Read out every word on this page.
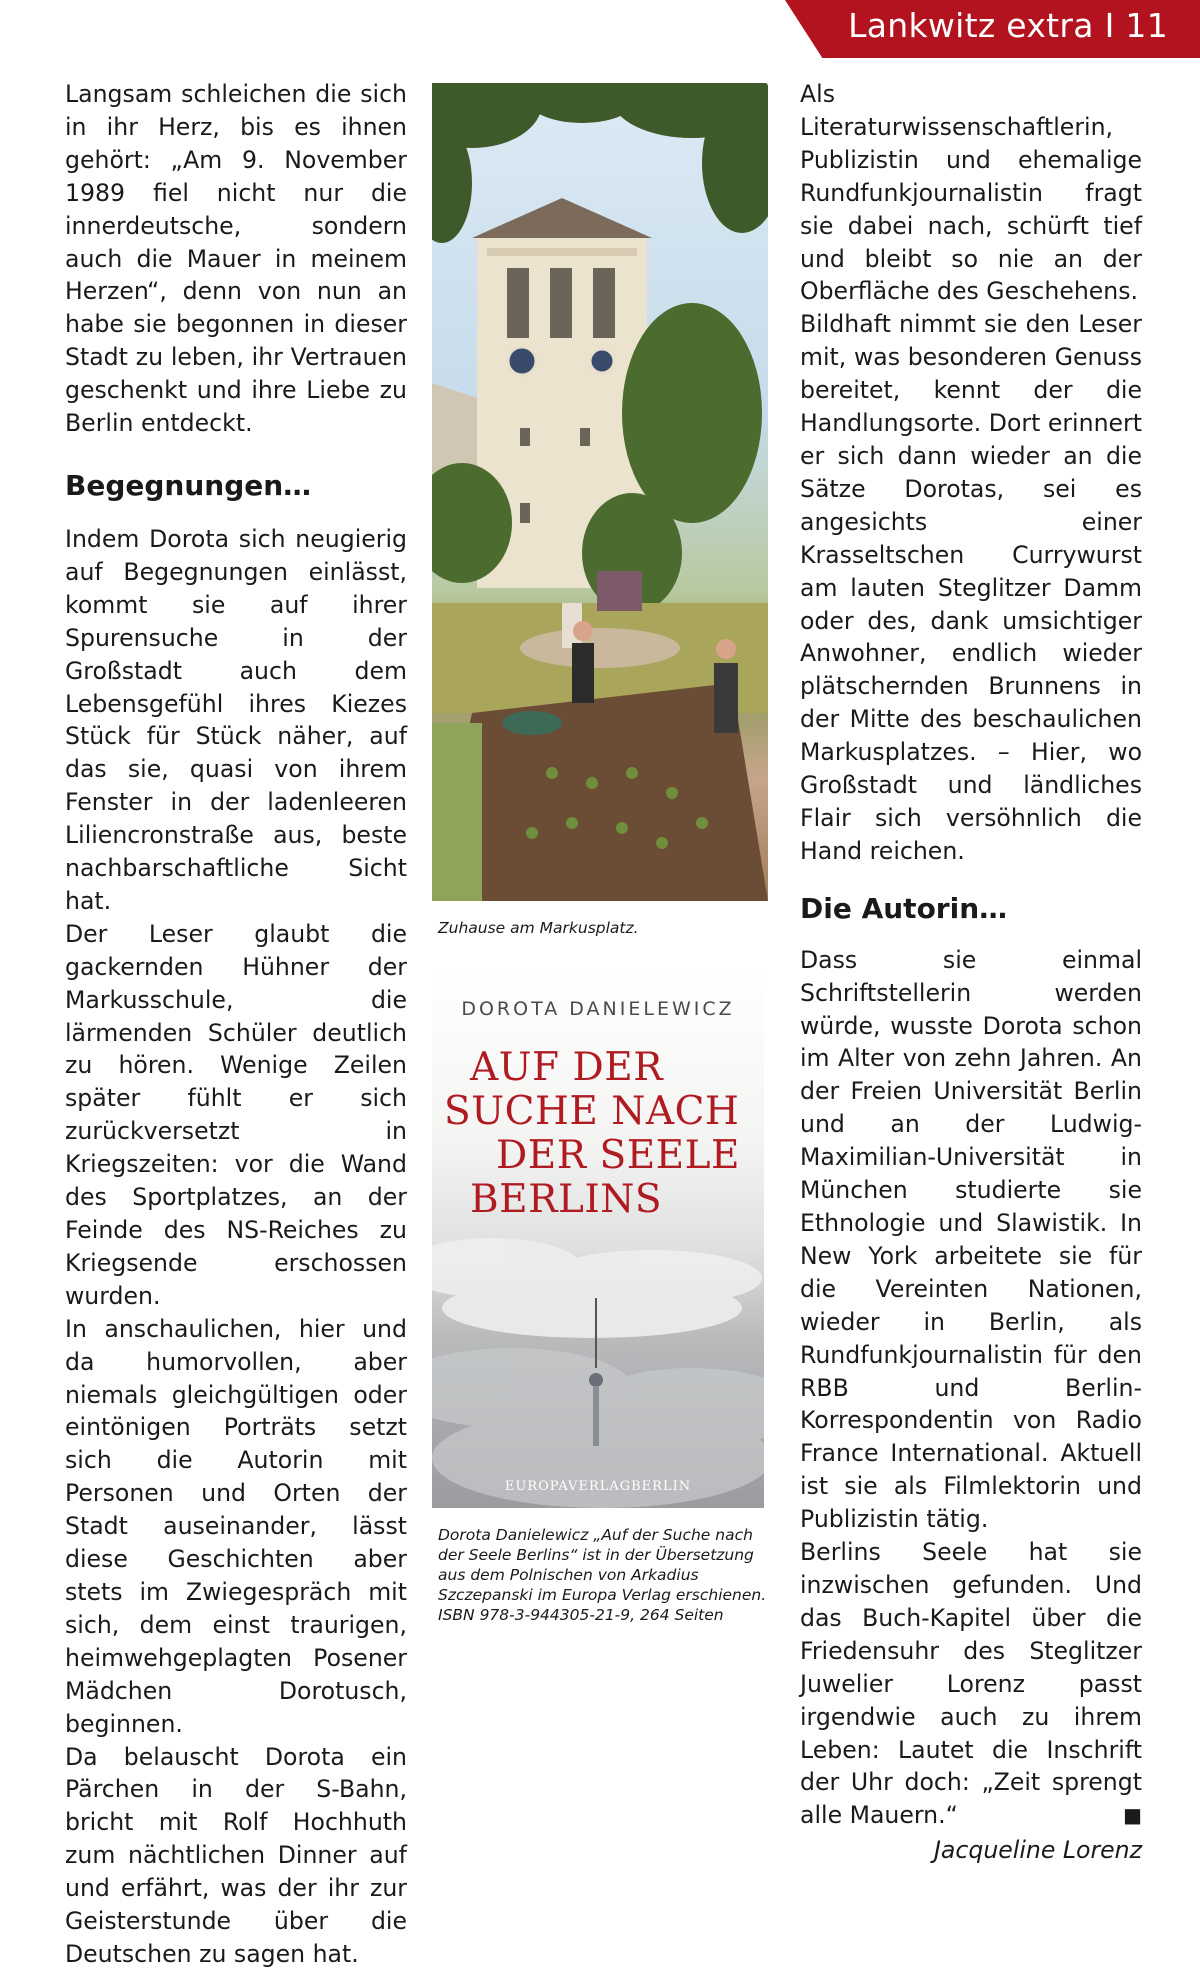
Lankwitz extra I 11

Langsam schleichen die sich in ihr Herz, bis es ihnen gehört: „Am 9. November 1989 fiel nicht nur die innerdeutsche, sondern auch die Mauer in meinem Herzen“, denn von nun an habe sie begonnen in dieser Stadt zu leben, ihr Vertrauen geschenkt und ihre Liebe zu Berlin entdeckt.

Begegnungen…

Indem Dorota sich neugierig auf Begegnungen einlässt, kommt sie auf ihrer Spurensuche in der Großstadt auch dem Lebensgefühl ihres Kiezes Stück für Stück näher, auf das sie, quasi von ihrem Fenster in der ladenleeren Liliencronstraße aus, beste nachbarschaftliche Sicht hat.

Der Leser glaubt die gackernden Hühner der Markusschule, die lärmenden Schüler deutlich zu hören. Wenige Zeilen später fühlt er sich zurückversetzt in Kriegszeiten: vor die Wand des Sportplatzes, an der Feinde des NS-Reiches zu Kriegsende erschossen wurden.

In anschaulichen, hier und da humorvollen, aber niemals gleichgültigen oder eintönigen Porträts setzt sich die Autorin mit Personen und Orten der Stadt auseinander, lässt diese Geschichten aber stets im Zwiegespräch mit sich, dem einst traurigen, heimwehgeplagten Posener Mädchen Dorotusch, beginnen.

Da belauscht Dorota ein Pärchen in der S-Bahn, bricht mit Rolf Hochhuth zum nächtlichen Dinner auf und erfährt, was der ihr zur Geisterstunde über die Deutschen zu sagen hat.

Zuhause am Markusplatz.
DOROTA DANIELEWICZ
AUF DER
SUCHE NACH
DER SEELE
BERLINS
EUROPAVERLAGBERLIN
Dorota Danielewicz „Auf der Suche nach der Seele Berlins“ ist in der Übersetzung aus dem Polnischen von Arkadius Szczepanski im Europa Verlag erschienen. ISBN 978-3-944305-21-9, 264 Seiten

Als Literaturwissenschaftlerin, Publizistin und ehemalige Rundfunkjournalistin fragt sie dabei nach, schürft tief und bleibt so nie an der Oberfläche des Geschehens.

Bildhaft nimmt sie den Leser mit, was besonderen Genuss bereitet, kennt der die Handlungsorte. Dort erinnert er sich dann wieder an die Sätze Dorotas, sei es angesichts einer Krasseltschen Currywurst am lauten Steglitzer Damm oder des, dank umsichtiger Anwohner, endlich wieder plätschernden Brunnens in der Mitte des beschaulichen Markusplatzes. – Hier, wo Großstadt und ländliches Flair sich versöhnlich die Hand reichen.

Die Autorin…

Dass sie einmal Schriftstellerin werden würde, wusste Dorota schon im Alter von zehn Jahren. An der Freien Universität Berlin und an der Ludwig-Maximilian-Universität in München studierte sie Ethnologie und Slawistik. In New York arbeitete sie für die Vereinten Nationen, wieder in Berlin, als Rundfunkjournalistin für den RBB und Berlin-Korrespondentin von Radio France International. Aktuell ist sie als Filmlektorin und Publizistin tätig.

Berlins Seele hat sie inzwischen gefunden. Und das Buch-Kapitel über die Friedensuhr des Steglitzer Juwelier Lorenz passt irgendwie auch zu ihrem Leben: Lautet die Inschrift der Uhr doch: „Zeit sprengt alle Mauern.“	■

Jacqueline Lorenz
